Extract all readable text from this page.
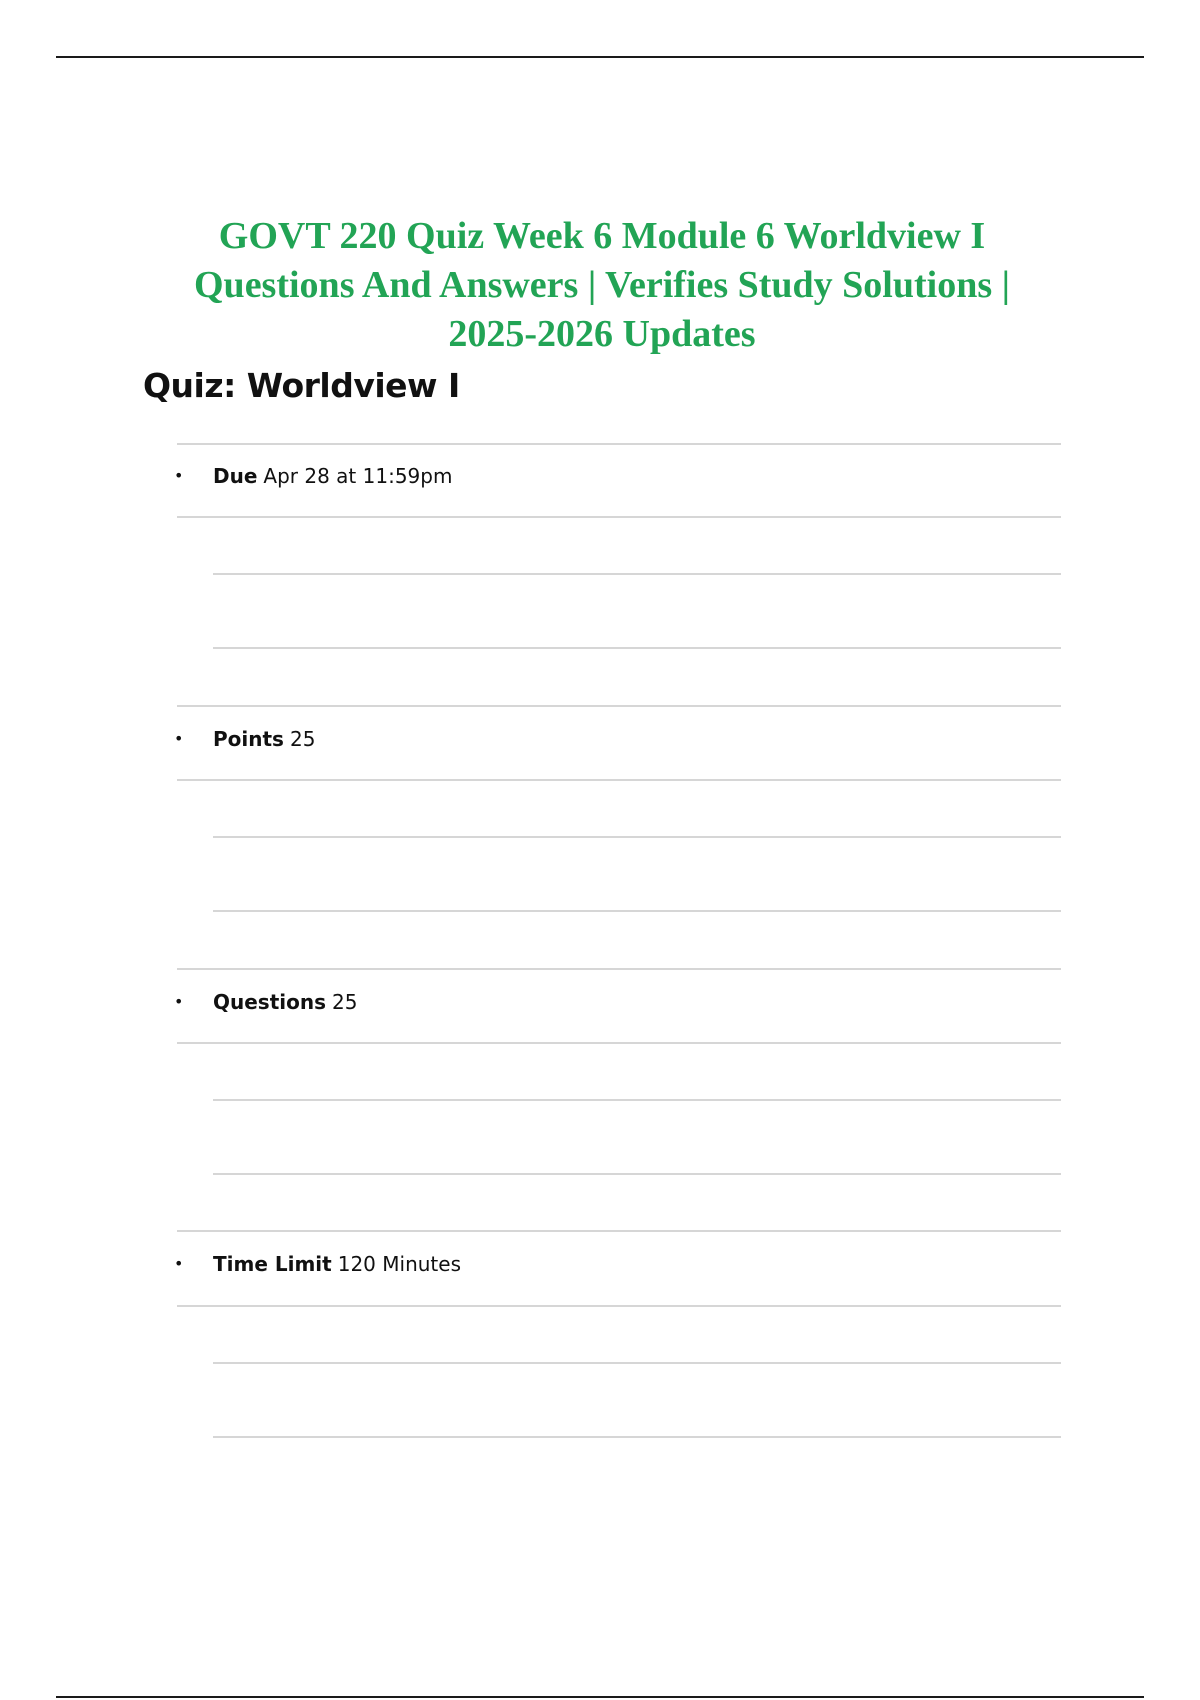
GOVT 220 Quiz Week 6 Module 6 Worldview I
Questions And Answers | Verifies Study Solutions |
2025-2026 Updates
Quiz: Worldview I
•	Due Apr 28 at 11:59pm
•	Points 25
•	Questions 25
•	Time Limit 120 Minutes
